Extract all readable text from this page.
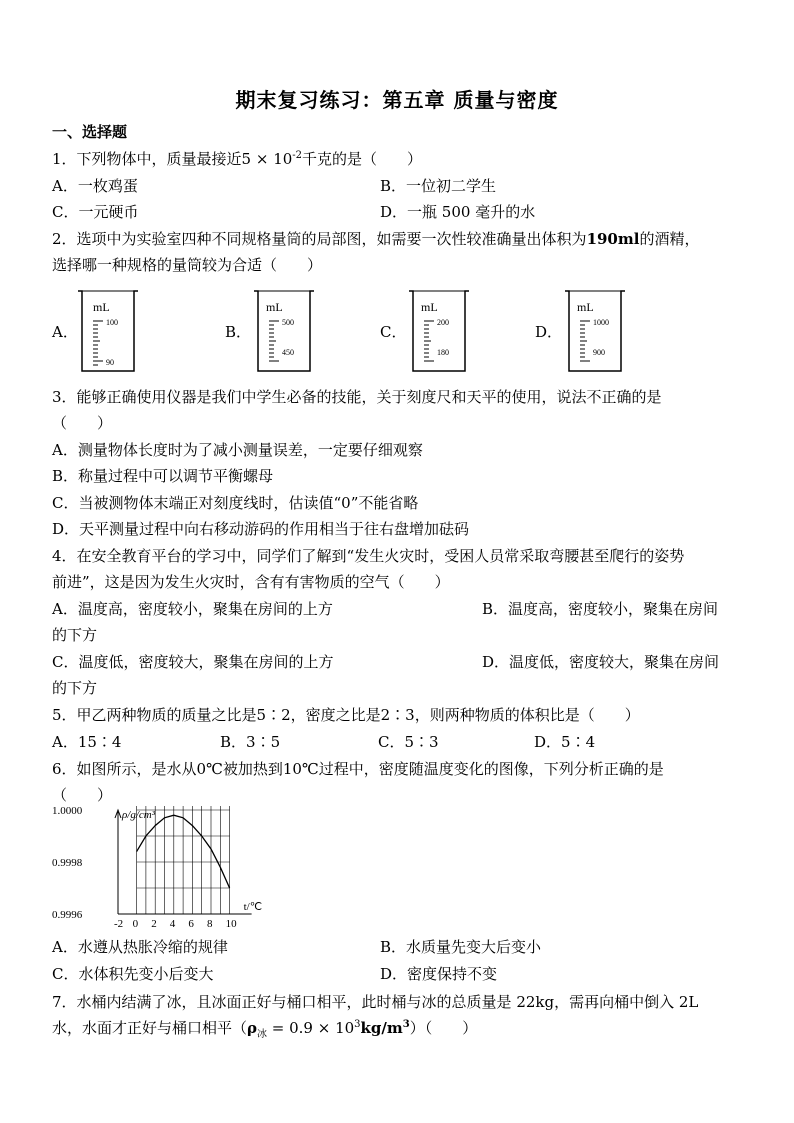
期末复习练习：第五章 质量与密度
一、选择题
1．下列物体中，质量最接近$5 \times 10^{-2}$千克的是（　　）
A．一枚鸡蛋	B．一位初二学生
C．一元硬币	D．一瓶 500 毫升的水
2．选项中为实验室四种不同规格量筒的局部图，如需要一次性较准确量出体积为190ml的酒精，
选择哪一种规格的量筒较为合适（　　）
A．
mL
100
90
B．
mL
500
450
C．
mL
200
180
D．
mL
1000
900
3．能够正确使用仪器是我们中学生必备的技能，关于刻度尺和天平的使用，说法不正确的是
（　　）
A．测量物体长度时为了减小测量误差，一定要仔细观察
B．称量过程中可以调节平衡螺母
C．当被测物体末端正对刻度线时，估读值“0”不能省略
D．天平测量过程中向右移动游码的作用相当于往右盘增加砝码
4．在安全教育平台的学习中，同学们了解到“发生火灾时，受困人员常采取弯腰甚至爬行的姿势
前进”，这是因为发生火灾时，含有有害物质的空气（　　）
A．温度高，密度较小，聚集在房间的上方	B．温度高，密度较小，聚集在房间
的下方
C．温度低，密度较大，聚集在房间的上方	D．温度低，密度较大，聚集在房间
的下方
5．甲乙两种物质的质量之比是5∶2，密度之比是2∶3，则两种物质的体积比是（　　）
A．15∶4	B．3∶5	C．5∶3	D．5∶4
6．如图所示，是水从0℃被加热到10℃过程中，密度随温度变化的图像，下列分析正确的是
（　　）
1.0000
0.9998
0.9996
-2 0 2 4 6 8 10
ρ/g/cm³
t/℃
A．水遵从热胀冷缩的规律	B．水质量先变大后变小
C．水体积先变小后变大	D．密度保持不变
7．水桶内结满了冰，且冰面正好与桶口相平，此时桶与冰的总质量是 22kg，需再向桶中倒入 2L
水，水面才正好与桶口相平$(\rho_冰 = 0.9 \times 10^3kg/m^3)$（　　）
